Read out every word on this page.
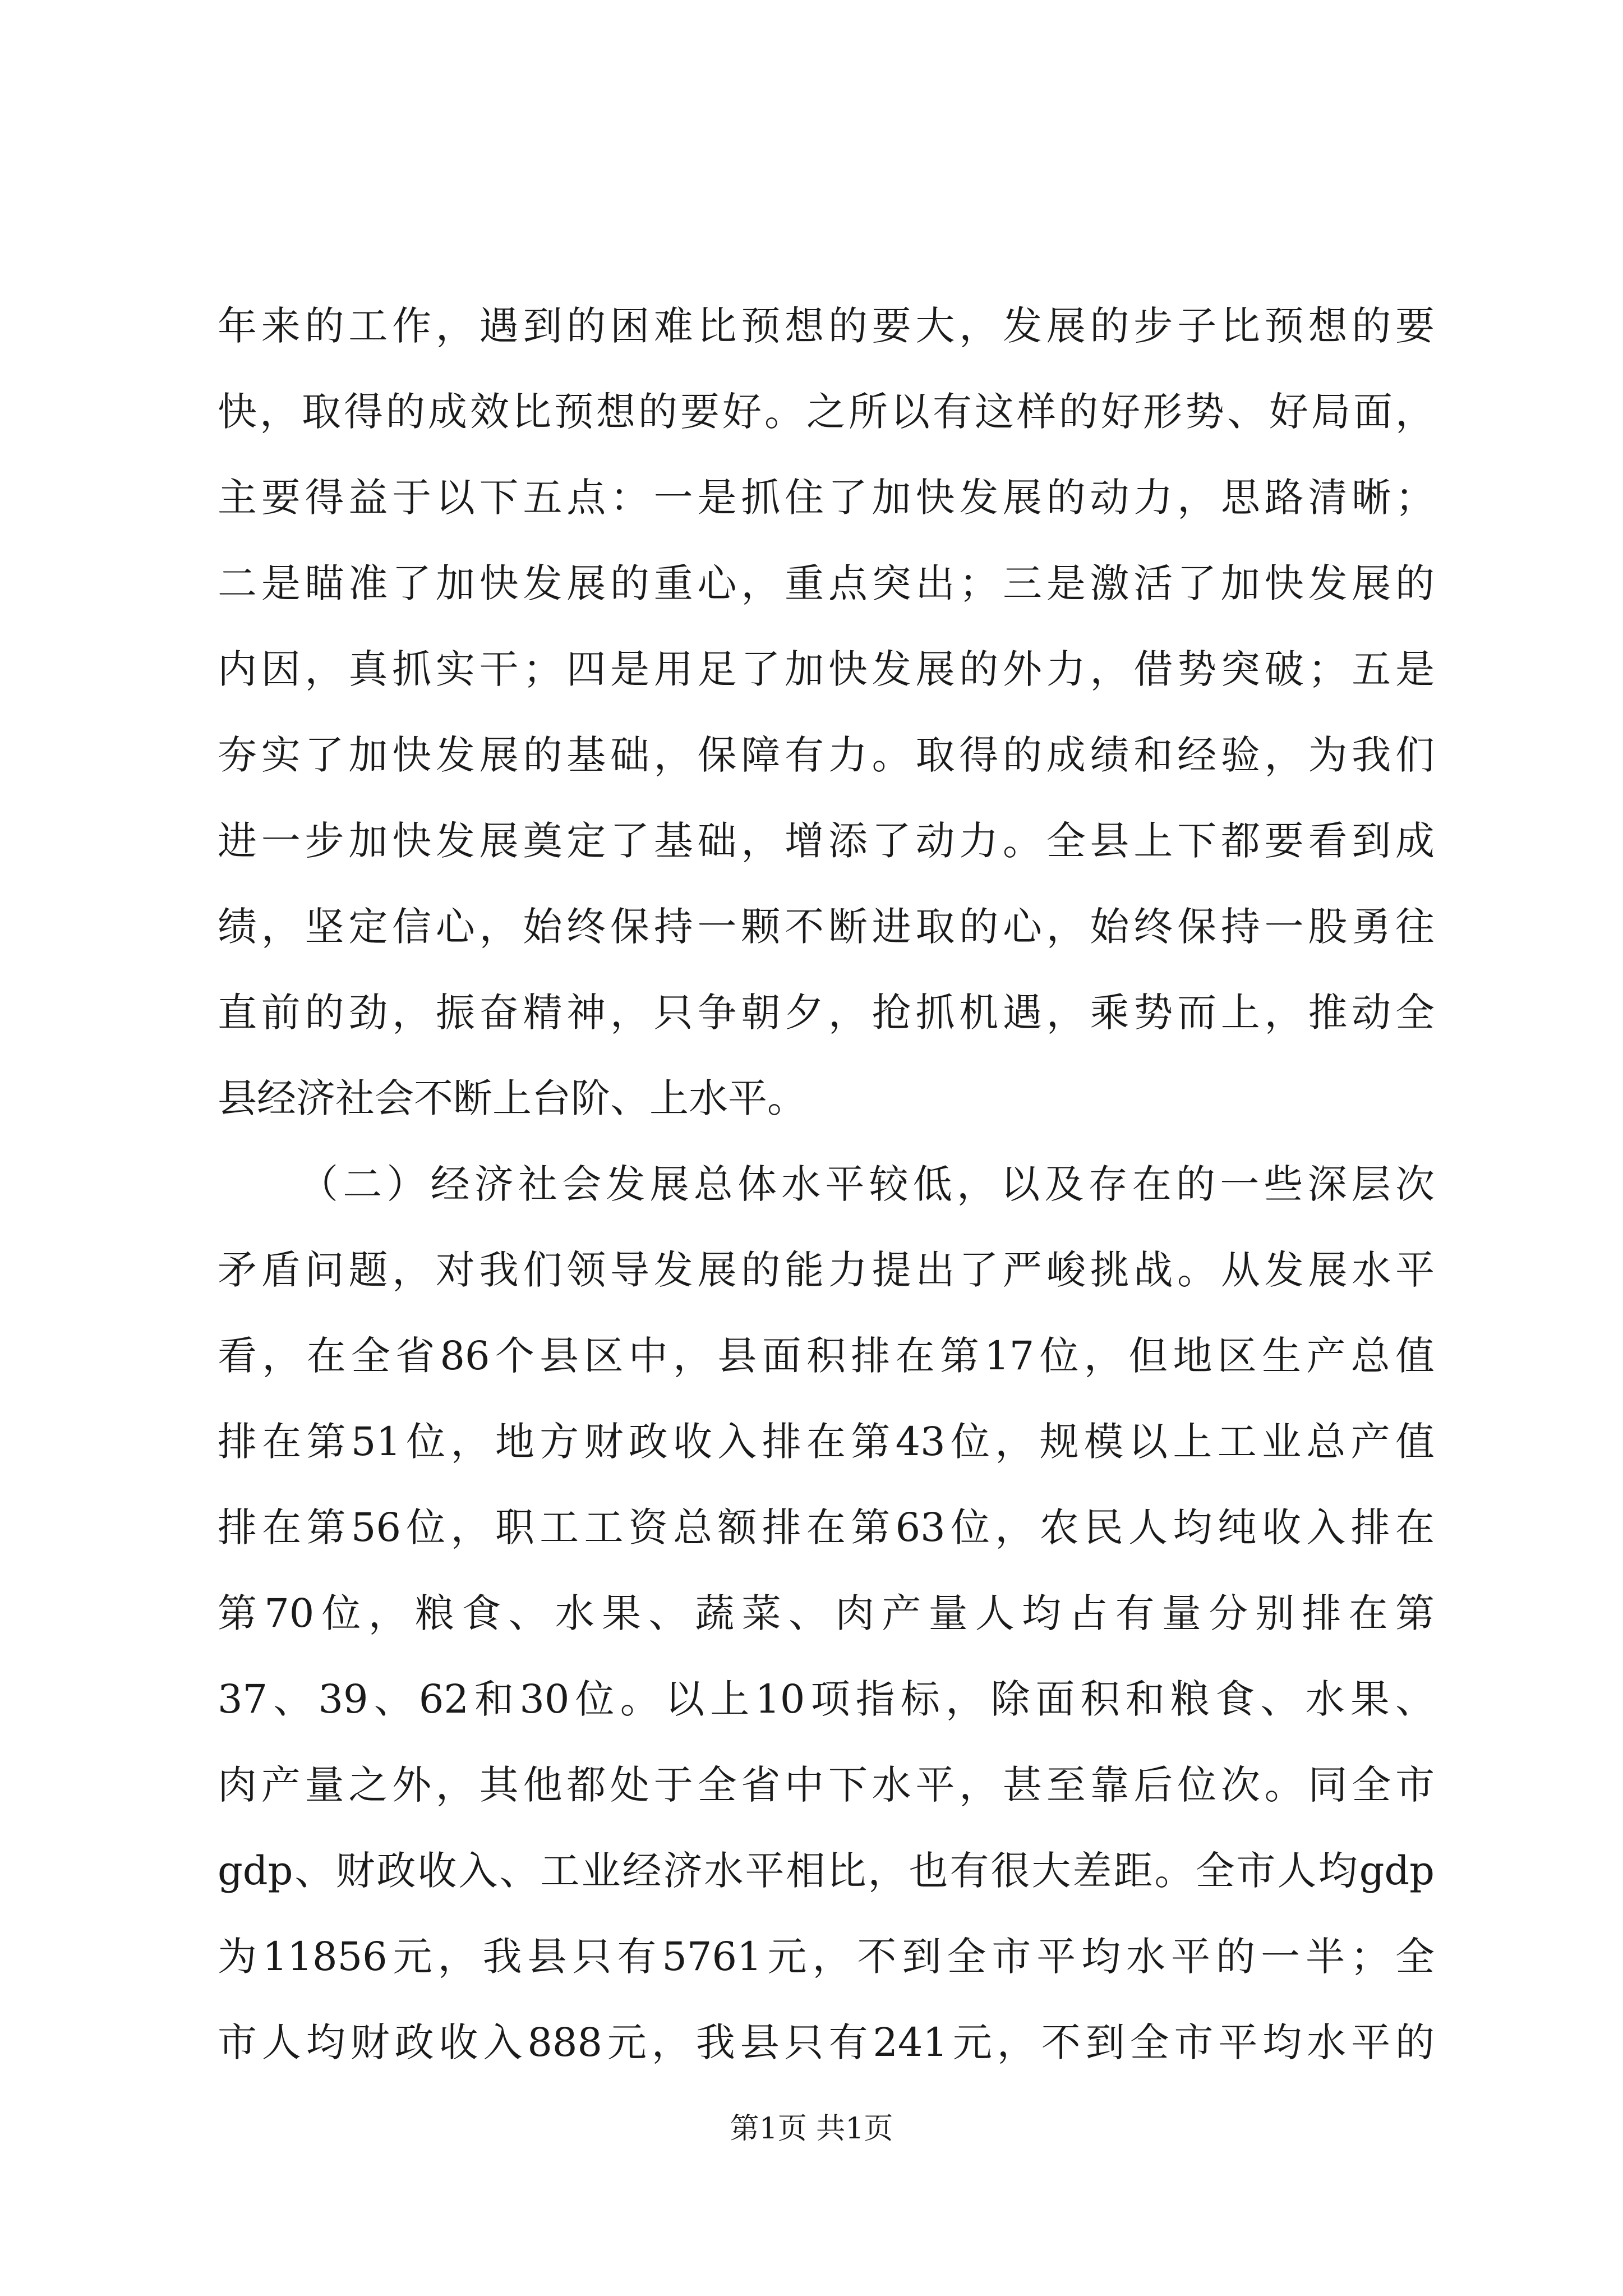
年来的工作，遇到的困难比预想的要大，发展的步子比预想的要
快，取得的成效比预想的要好。之所以有这样的好形势、好局面，
主要得益于以下五点：一是抓住了加快发展的动力，思路清晰；
二是瞄准了加快发展的重心，重点突出；三是激活了加快发展的
内因，真抓实干；四是用足了加快发展的外力，借势突破；五是
夯实了加快发展的基础，保障有力。取得的成绩和经验，为我们
进一步加快发展奠定了基础，增添了动力。全县上下都要看到成
绩，坚定信心，始终保持一颗不断进取的心，始终保持一股勇往
直前的劲，振奋精神，只争朝夕，抢抓机遇，乘势而上，推动全
县经济社会不断上台阶、上水平。
（二）经济社会发展总体水平较低，以及存在的一些深层次
矛盾问题，对我们领导发展的能力提出了严峻挑战。从发展水平
看，在全省86个县区中，县面积排在第17位，但地区生产总值
排在第51位，地方财政收入排在第43位，规模以上工业总产值
排在第56位，职工工资总额排在第63位，农民人均纯收入排在
第70位，粮食、水果、蔬菜、肉产量人均占有量分别排在第
37、39、62和30位。以上10项指标，除面积和粮食、水果、
肉产量之外，其他都处于全省中下水平，甚至靠后位次。同全市
gdp、财政收入、工业经济水平相比，也有很大差距。全市人均gdp
为11856元，我县只有5761元，不到全市平均水平的一半；全
市人均财政收入888元，我县只有241元，不到全市平均水平的
第1页 共1页
